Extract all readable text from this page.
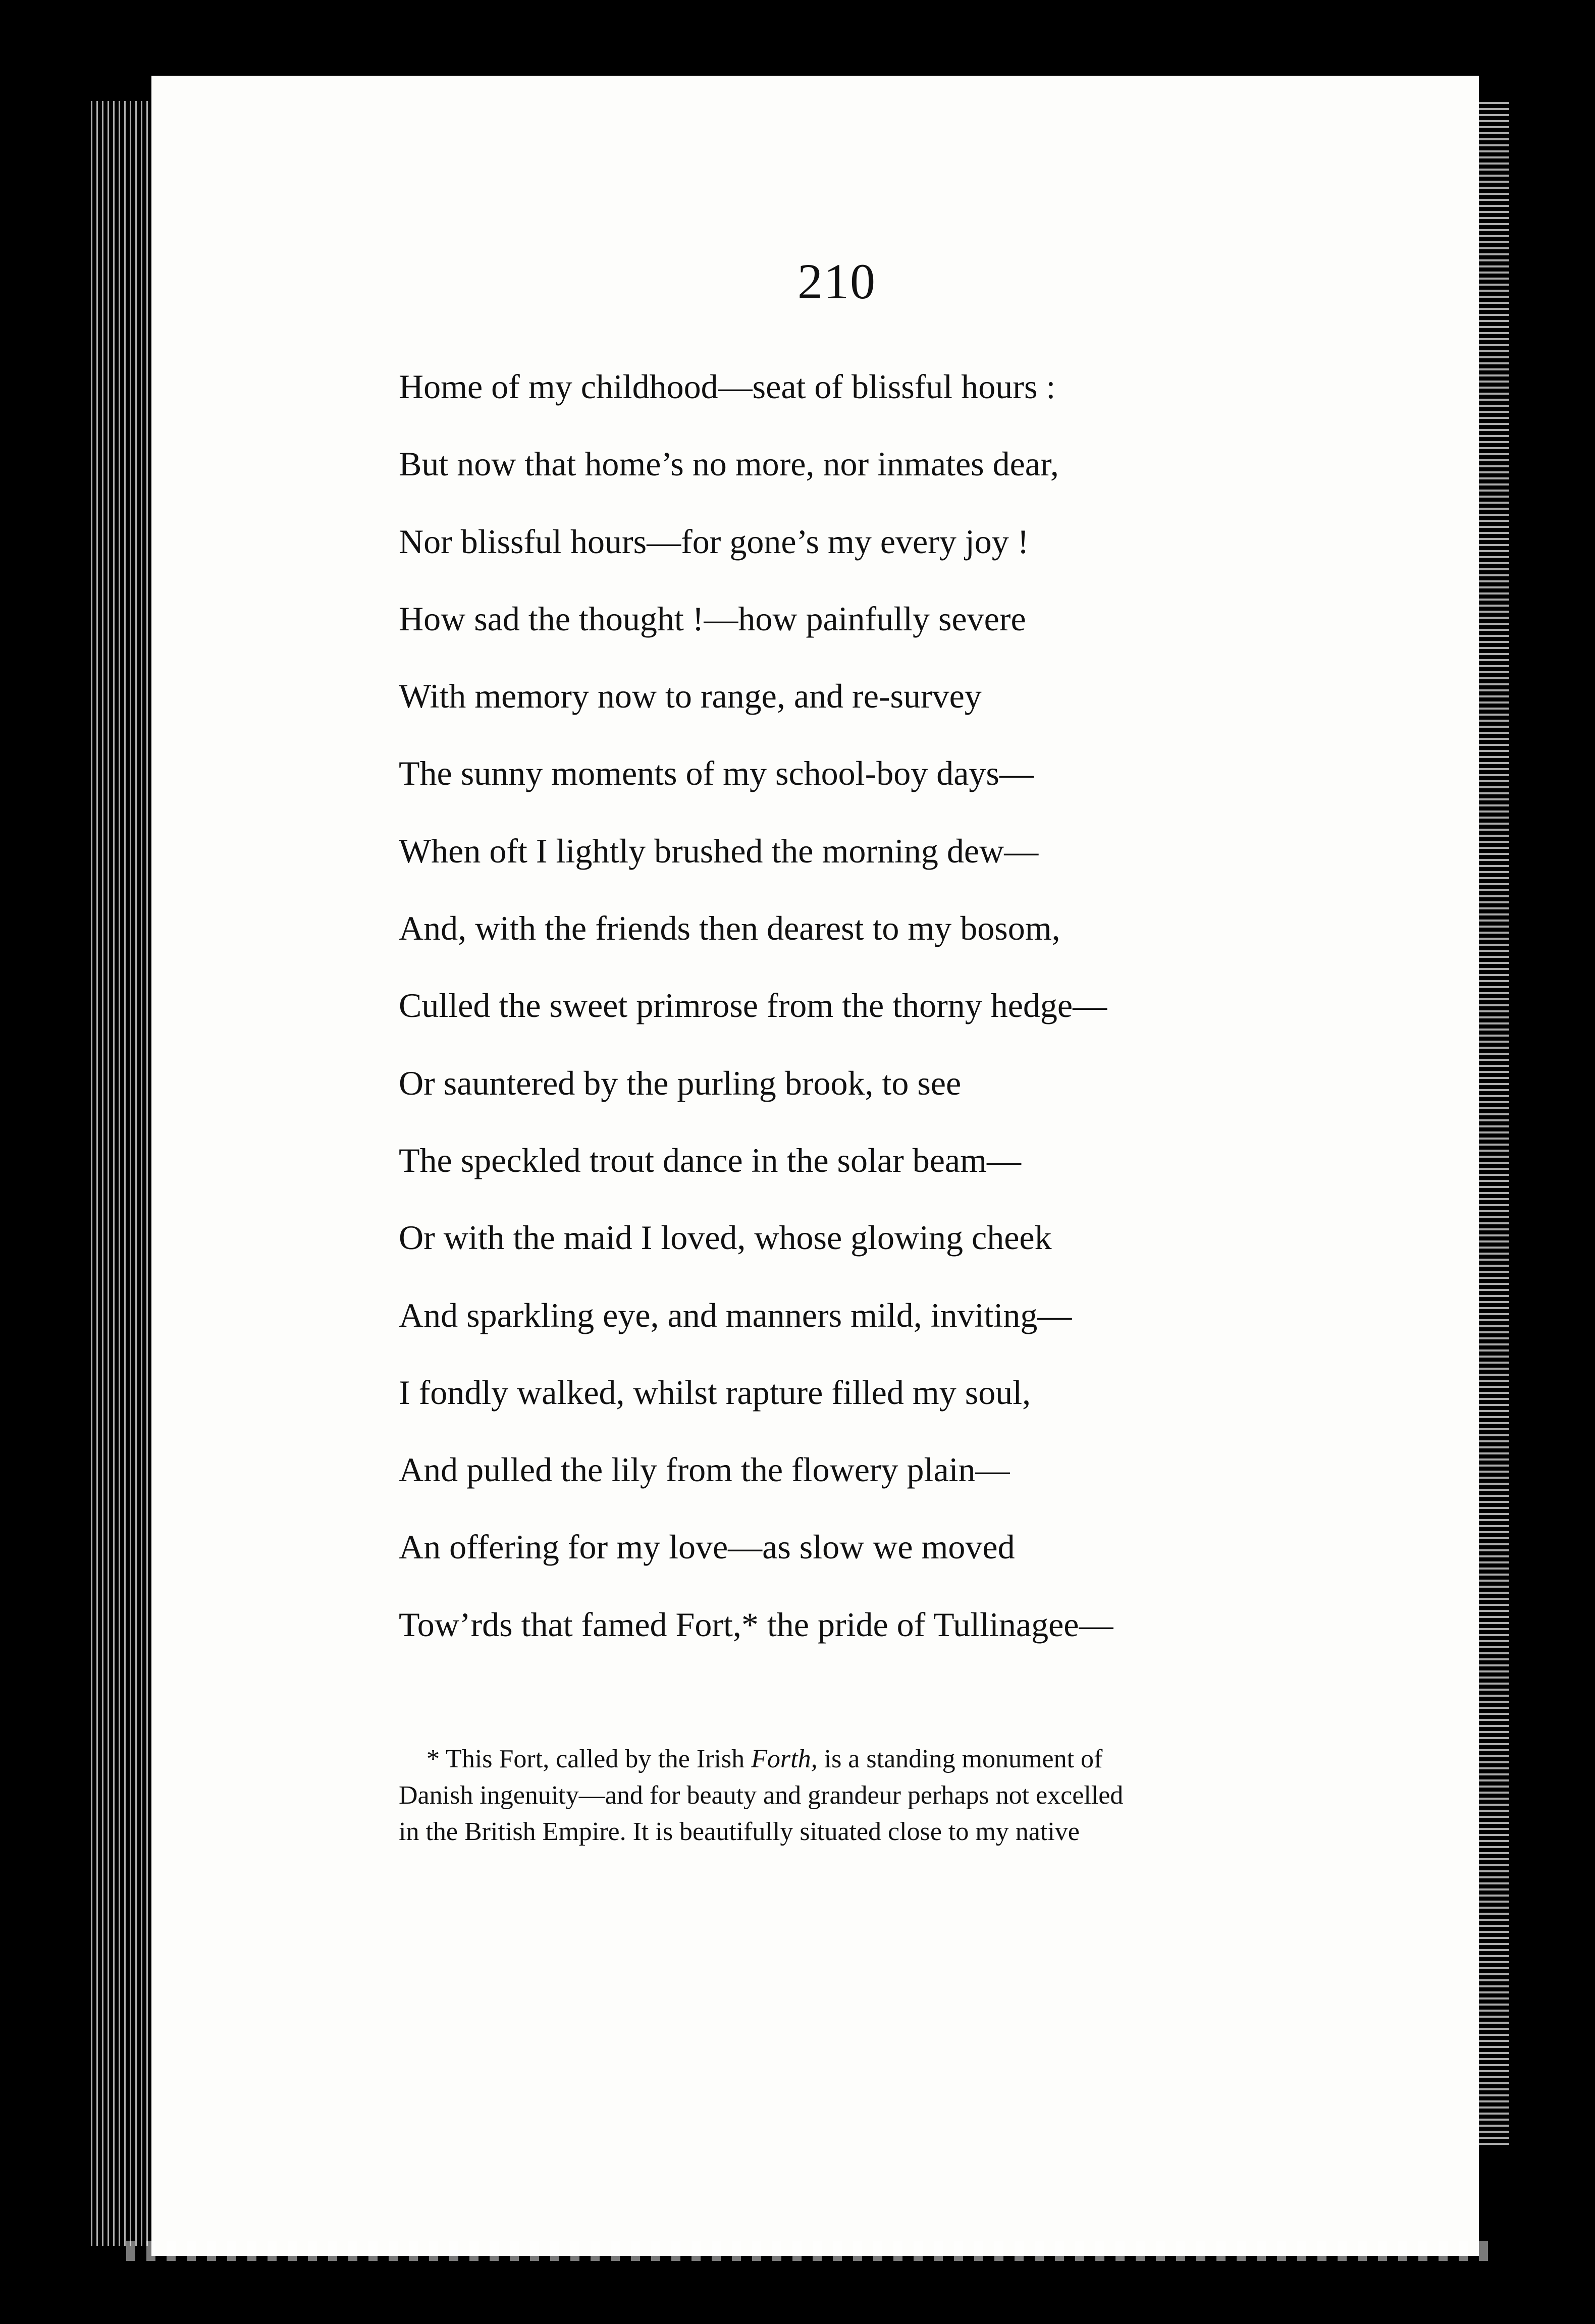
210
Home of my childhood—seat of blissful hours :
But now that home’s no more, nor inmates dear,
Nor blissful hours—for gone’s my every joy !
How sad the thought !—how painfully severe
With memory now to range, and re-survey
The sunny moments of my school-boy days—
When oft I lightly brushed the morning dew—
And, with the friends then dearest to my bosom,
Culled the sweet primrose from the thorny hedge—
Or sauntered by the purling brook, to see
The speckled trout dance in the solar beam—
Or with the maid I loved, whose glowing cheek
And sparkling eye, and manners mild, inviting—
I fondly walked, whilst rapture filled my soul,
And pulled the lily from the flowery plain—
An offering for my love—as slow we moved
Tow’rds that famed Fort,* the pride of Tullinagee—
* This Fort, called by the Irish Forth, is a standing monument of
Danish ingenuity—and for beauty and grandeur perhaps not excelled
in the British Empire. It is beautifully situated close to my native
